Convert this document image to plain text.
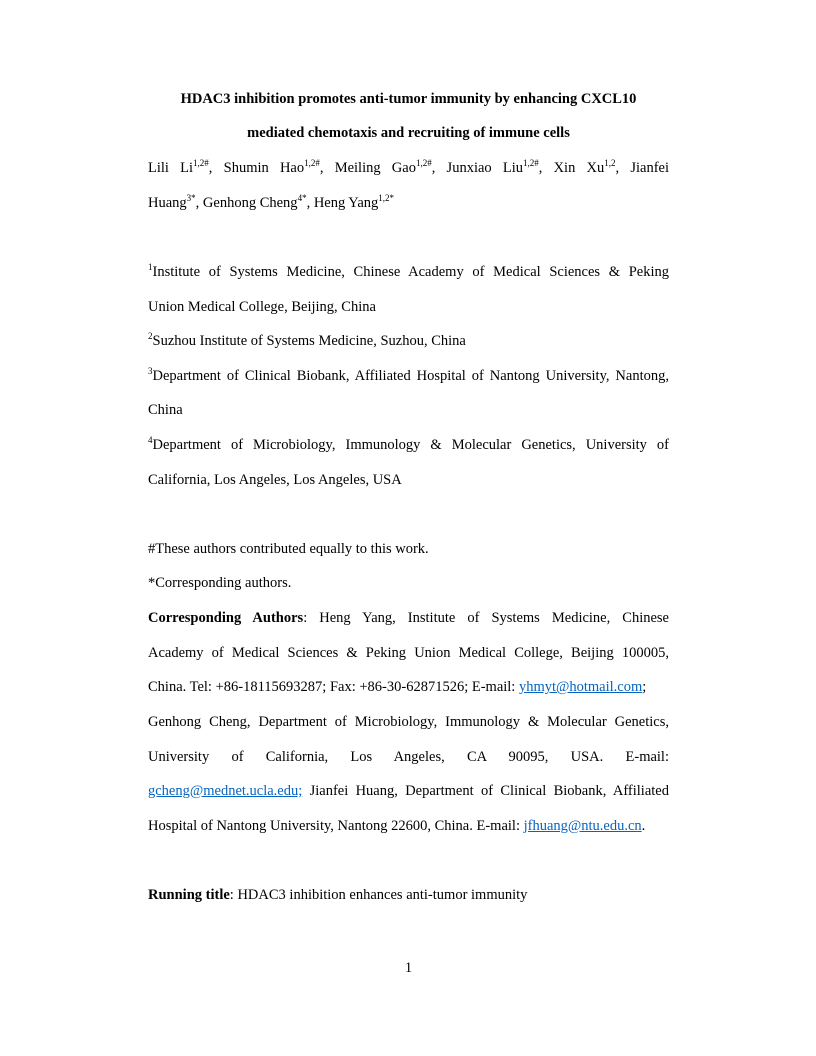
HDAC3 inhibition promotes anti-tumor immunity by enhancing CXCL10
mediated chemotaxis and recruiting of immune cells
Lili $Li^{1,2\#}$, Shumin Hao$^{1,2\#}$, Meiling Gao$^{1,2\#}$, Junxiao Liu$^{1,2\#}$, Xin Xu$^{1,2}$, Jianfei
Huang$^{3*}$, Genhong Cheng$^{4*}$, Heng Yang$^{1,2*}$
$^1$Institute of Systems Medicine, Chinese Academy of Medical Sciences & Peking
Union Medical College, Beijing, China
$^2$Suzhou Institute of Systems Medicine, Suzhou, China
$^3$Department of Clinical Biobank, Affiliated Hospital of Nantong University, Nantong,
China
$^4$Department of Microbiology, Immunology & Molecular Genetics, University of
California, Los Angeles, Los Angeles, USA
#These authors contributed equally to this work.
*Corresponding authors.
Corresponding Authors: Heng Yang, Institute of Systems Medicine, Chinese
Academy of Medical Sciences & Peking Union Medical College, Beijing 100005,
China. Tel: +86-18115693287; Fax: +86-30-62871526; E-mail: yhmyt@hotmail.com;
Genhong Cheng, Department of Microbiology, Immunology & Molecular Genetics,
University of California, Los Angeles, CA 90095, USA. E-mail:
gcheng@mednet.ucla.edu; Jianfei Huang, Department of Clinical Biobank, Affiliated
Hospital of Nantong University, Nantong 22600, China. E-mail: jfhuang@ntu.edu.cn.
Running title: HDAC3 inhibition enhances anti-tumor immunity
1
